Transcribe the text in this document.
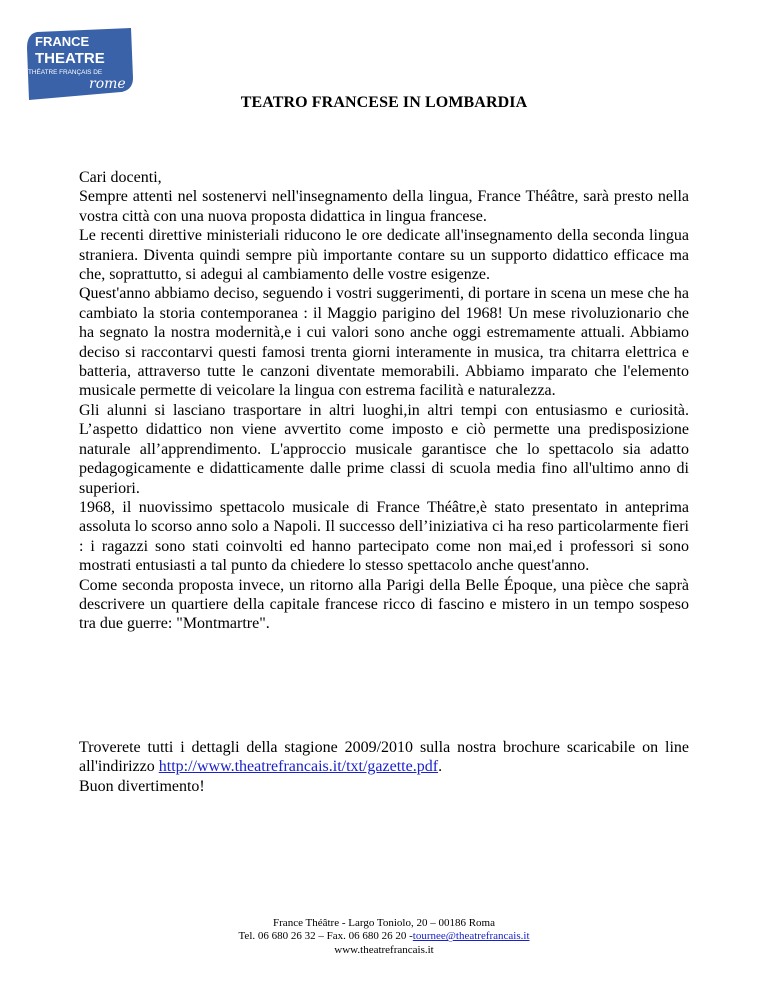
FRANCE
THEATRE
THÉATRE FRANÇAIS DE
rome
TEATRO FRANCESE IN LOMBARDIA

Cari docenti,

Sempre attenti nel sostenervi nell'insegnamento della lingua, France Théâtre, sarà presto nella vostra città con una nuova proposta didattica in lingua francese.

Le recenti direttive ministeriali riducono le ore dedicate all'insegnamento della seconda lingua straniera. Diventa quindi sempre più importante contare su un supporto didattico efficace ma che, soprattutto, si adegui al cambiamento delle vostre esigenze.

Quest'anno abbiamo deciso, seguendo i vostri suggerimenti, di portare in scena un mese che ha cambiato la storia contemporanea : il Maggio parigino del 1968! Un mese rivoluzionario che ha segnato la nostra modernità,e i cui valori sono anche oggi estremamente attuali. Abbiamo deciso si raccontarvi questi famosi trenta giorni interamente in musica, tra chitarra elettrica e batteria, attraverso tutte le canzoni diventate memorabili. Abbiamo imparato che l'elemento musicale permette di veicolare la lingua con estrema facilità e naturalezza.

Gli alunni si lasciano trasportare in altri luoghi,in altri tempi con entusiasmo e curiosità. L’aspetto didattico non viene avvertito come imposto e ciò permette una predisposizione naturale all’apprendimento. L'approccio musicale garantisce che lo spettacolo sia adatto pedagogicamente e didatticamente dalle prime classi di scuola media fino all'ultimo anno di superiori.

1968, il nuovissimo spettacolo musicale di France Théâtre,è stato presentato in anteprima assoluta lo scorso anno solo a Napoli. Il successo dell’iniziativa ci ha reso particolarmente fieri : i ragazzi sono stati coinvolti ed hanno partecipato come non mai,ed i professori si sono mostrati entusiasti a tal punto da chiedere lo stesso spettacolo anche quest'anno.

Come seconda proposta invece, un ritorno alla Parigi della Belle Époque, una pièce che saprà descrivere un quartiere della capitale francese ricco di fascino e mistero in un tempo sospeso tra due guerre: "Montmartre".

Troverete tutti i dettagli della stagione 2009/2010 sulla nostra brochure scaricabile on line all'indirizzo http://www.theatrefrancais.it/txt/gazette.pdf.

Buon divertimento!

France Théâtre - Largo Toniolo, 20 – 00186 Roma
Tel. 06 680 26 32 – Fax. 06 680 26 20 -tournee@theatrefrancais.it
www.theatrefrancais.it
